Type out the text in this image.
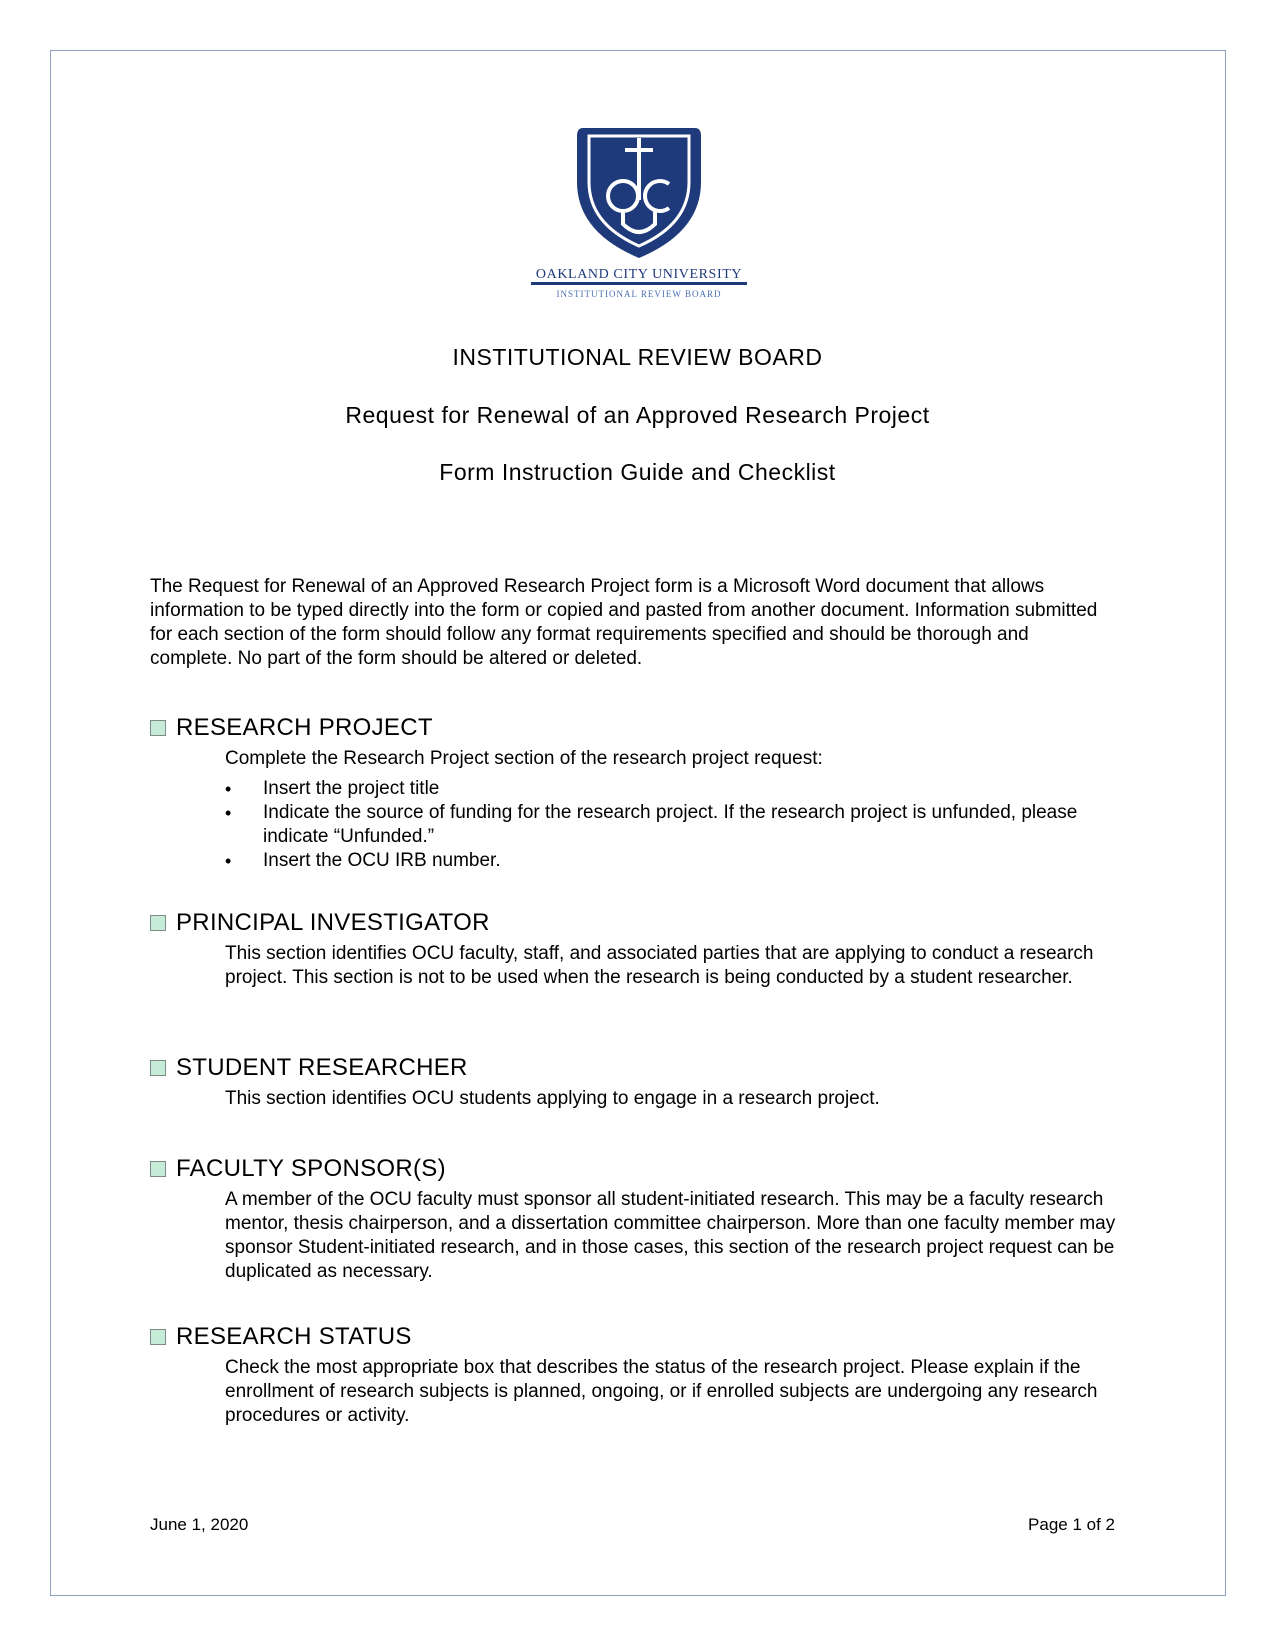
OAKLAND CITY UNIVERSITY
INSTITUTIONAL REVIEW BOARD
INSTITUTIONAL REVIEW BOARD
Request for Renewal of an Approved Research Project
Form Instruction Guide and Checklist
The Request for Renewal of an Approved Research Project form is a Microsoft Word document that allows information to be typed directly into the form or copied and pasted from another document. Information submitted for each section of the form should follow any format requirements specified and should be thorough and complete. No part of the form should be altered or deleted.
RESEARCH PROJECT
Complete the Research Project section of the research project request:
• Insert the project title
• Indicate the source of funding for the research project. If the research project is unfunded, please indicate “Unfunded.”
• Insert the OCU IRB number.
PRINCIPAL INVESTIGATOR
This section identifies OCU faculty, staff, and associated parties that are applying to conduct a research project. This section is not to be used when the research is being conducted by a student researcher.
STUDENT RESEARCHER
This section identifies OCU students applying to engage in a research project.
FACULTY SPONSOR(S)
A member of the OCU faculty must sponsor all student-initiated research. This may be a faculty research mentor, thesis chairperson, and a dissertation committee chairperson. More than one faculty member may sponsor Student-initiated research, and in those cases, this section of the research project request can be duplicated as necessary.
RESEARCH STATUS
Check the most appropriate box that describes the status of the research project. Please explain if the enrollment of research subjects is planned, ongoing, or if enrolled subjects are undergoing any research procedures or activity.
June 1, 2020	Page 1 of 2
